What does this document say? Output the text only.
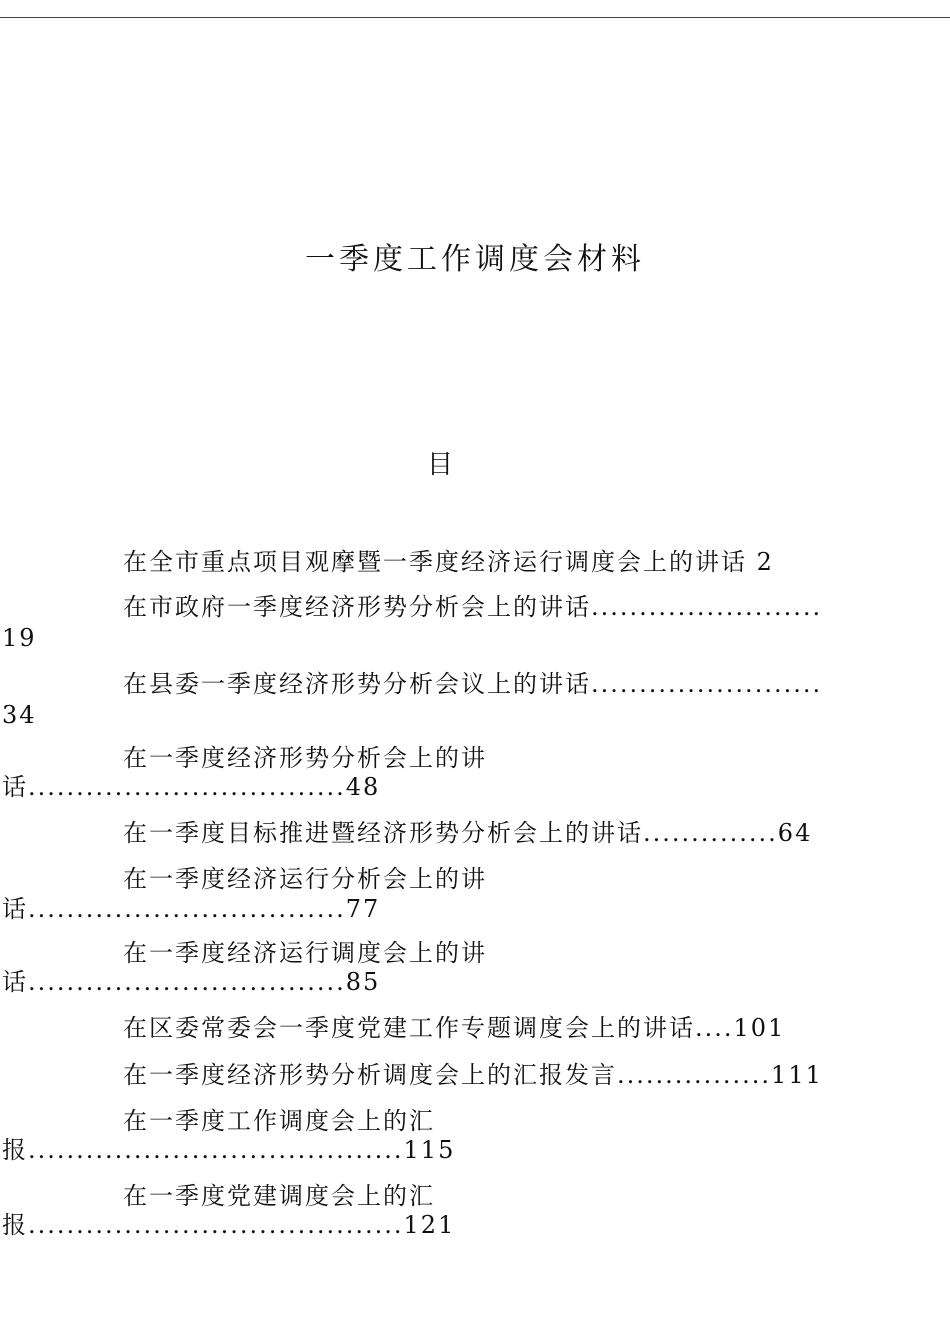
一季度工作调度会材料
目
在全市重点项目观摩暨一季度经济运行调度会上的讲话 2
在市政府一季度经济形势分析会上的讲话........................
19
在县委一季度经济形势分析会议上的讲话........................
34
在一季度经济形势分析会上的讲
话.................................48
在一季度目标推进暨经济形势分析会上的讲话..............64
在一季度经济运行分析会上的讲
话.................................77
在一季度经济运行调度会上的讲
话.................................85
在区委常委会一季度党建工作专题调度会上的讲话....101
在一季度经济形势分析调度会上的汇报发言................111
在一季度工作调度会上的汇
报.......................................115
在一季度党建调度会上的汇
报.......................................121
